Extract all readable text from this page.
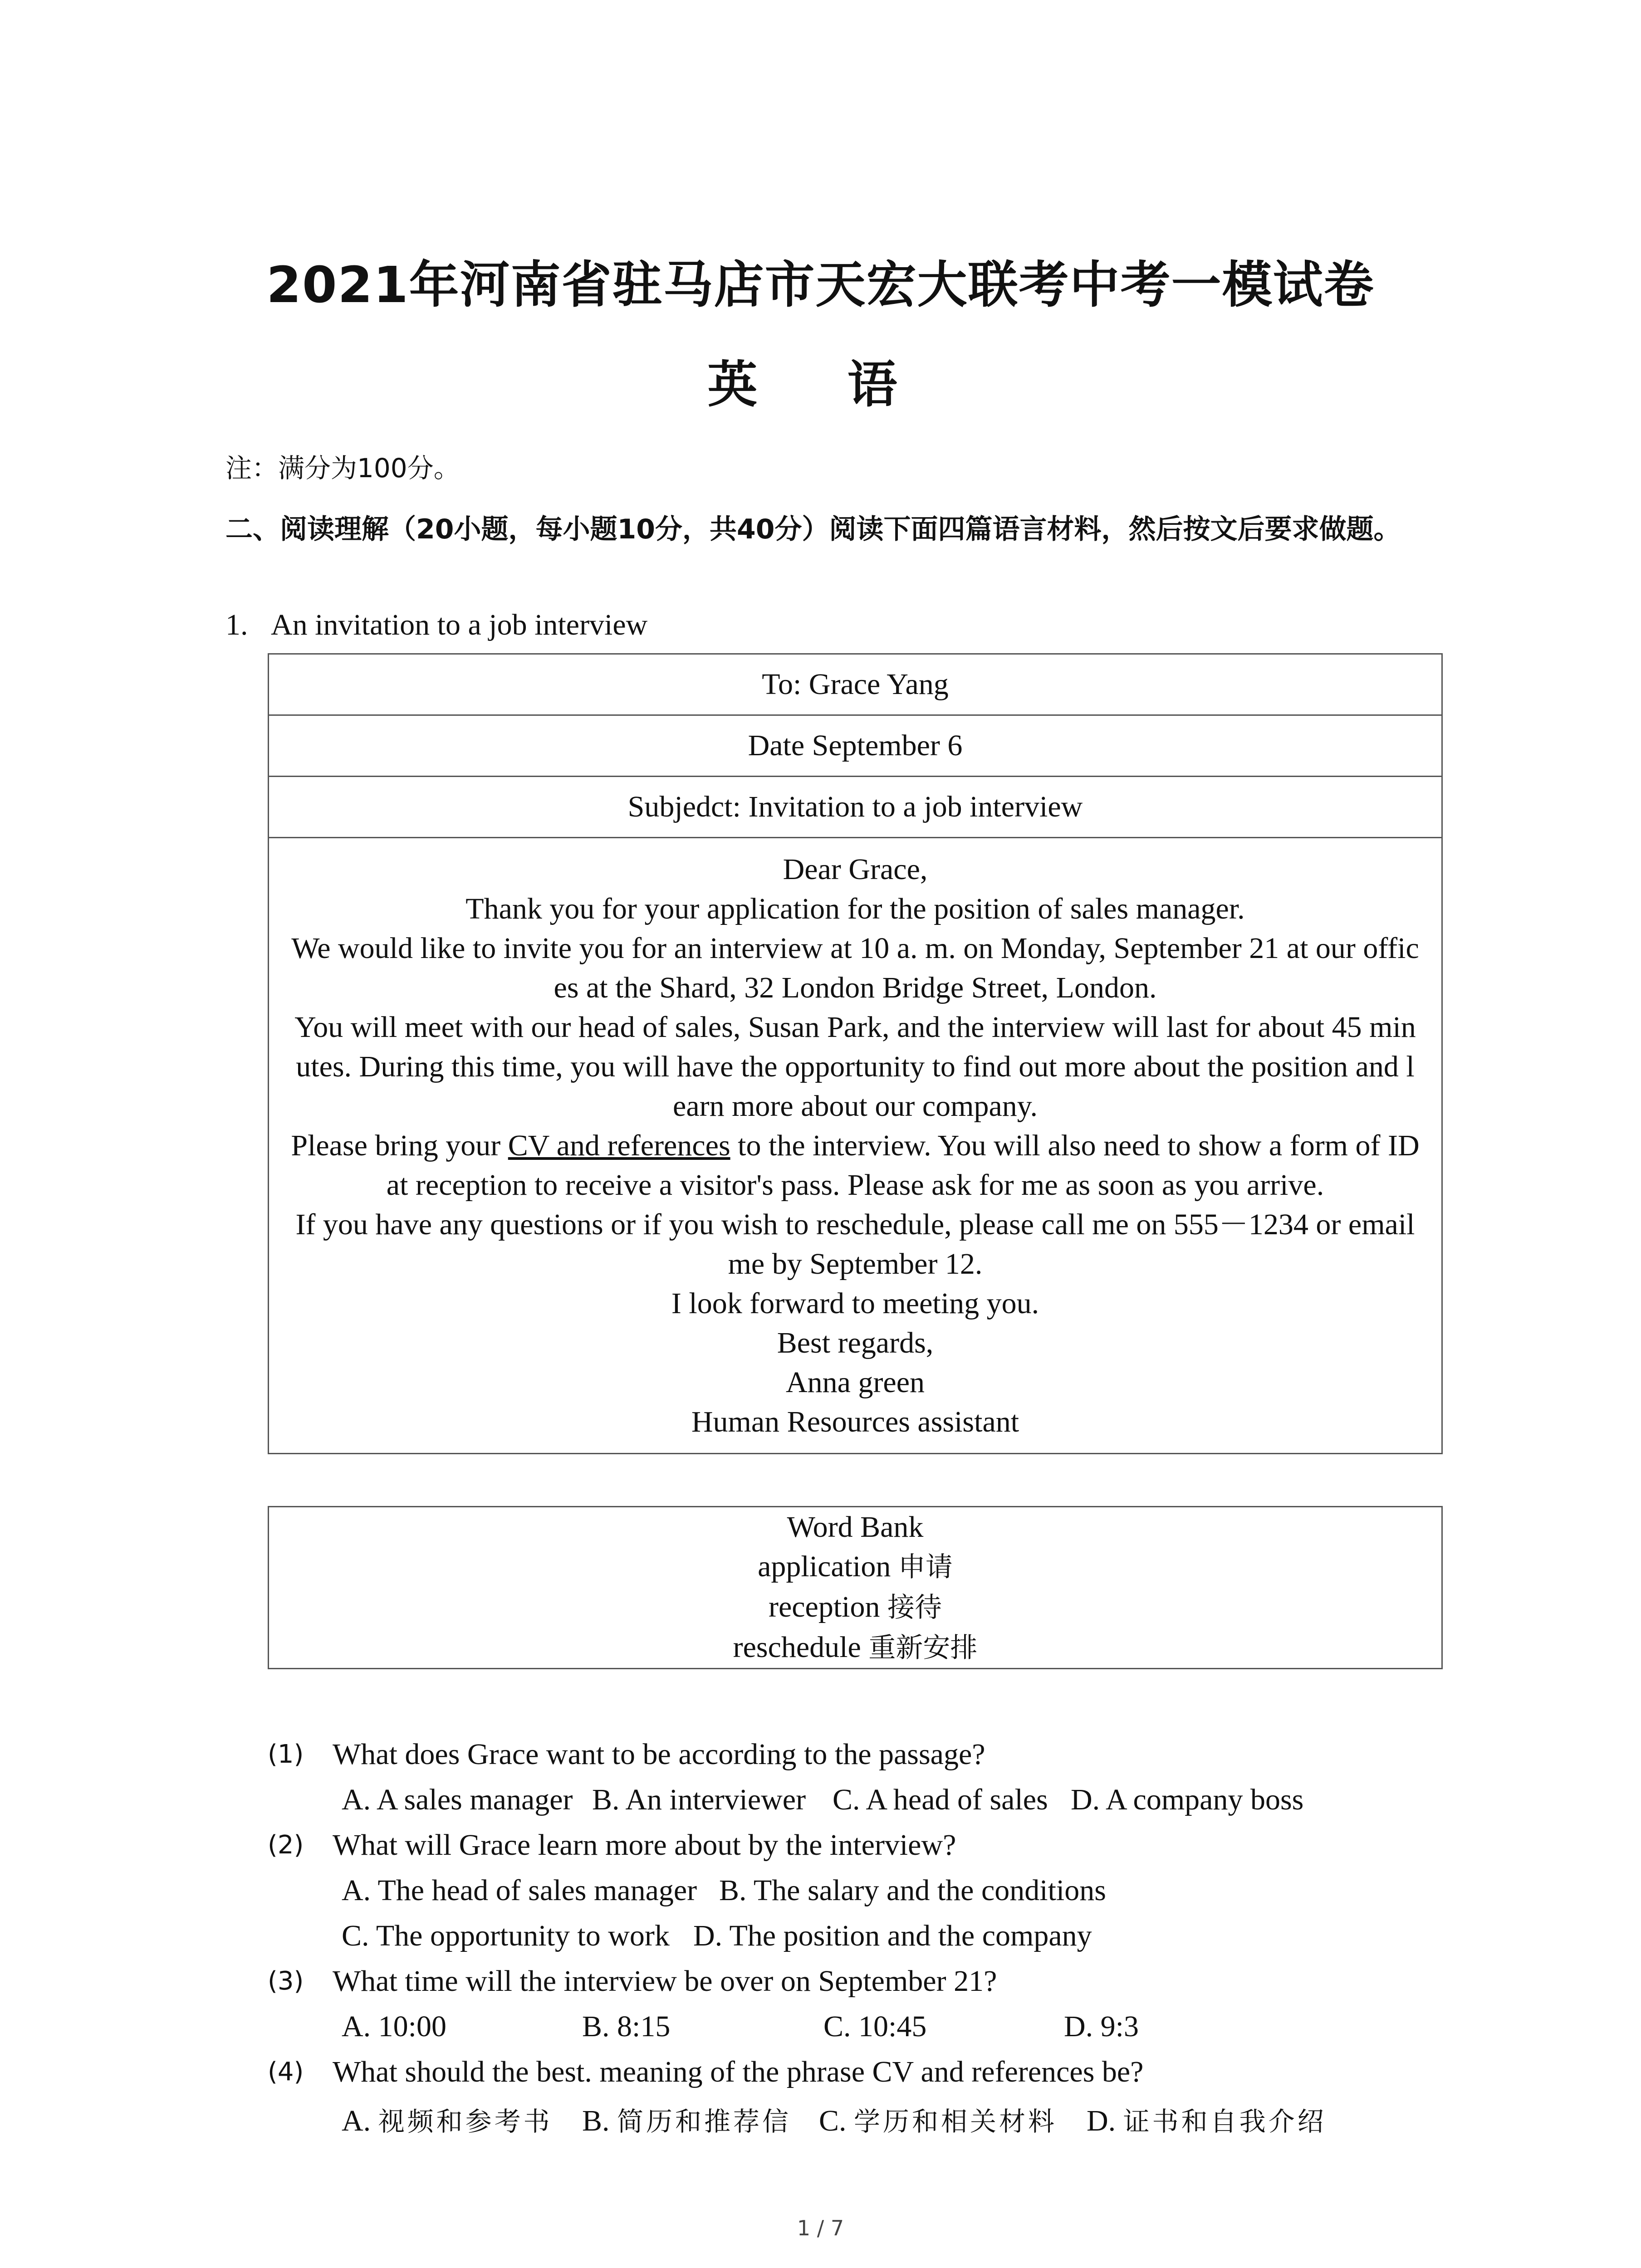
2021年河南省驻马店市天宏大联考中考一模试卷
英 语
注：满分为100分。
二、阅读理解（20小题，每小题10分，共40分）阅读下面四篇语言材料，然后按文后要求做题。
1. An invitation to a job interview
To: Grace Yang
Date September 6
Subjedct: Invitation to a job interview

Dear Grace,
Thank you for your application for the position of sales manager.
We would like to invite you for an interview at 10 a. m. on Monday, September 21 at our offic
es at the Shard, 32 London Bridge Street, London.
You will meet with our head of sales, Susan Park, and the interview will last for about 45 min
utes. During this time, you will have the opportunity to find out more about the position and l
earn more about our company.
Please bring your CV and references to the interview. You will also need to show a form of ID
at reception to receive a visitor's pass. Please ask for me as soon as you arrive.
If you have any questions or if you wish to reschedule, please call me on 555－1234 or email
me by September 12.
I look forward to meeting you.
Best regards,
Anna green
Human Resources assistant
Word Bank
application 申请
reception 接待
reschedule 重新安排
(1) What does Grace want to be according to the passage?
A. A sales manager B. An interviewer C. A head of sales D. A company boss
(2) What will Grace learn more about by the interview?
A. The head of sales manager B. The salary and the conditions
C. The opportunity to work D. The position and the company
(3) What time will the interview be over on September 21?
A. 10:00	B. 8:15	C. 10:45	D. 9:3
(4) What should the best. meaning of the phrase CV and references be?
A. 视频和参考书 B. 简历和推荐信 C. 学历和相关材料 D. 证书和自我介绍
1 / 7
